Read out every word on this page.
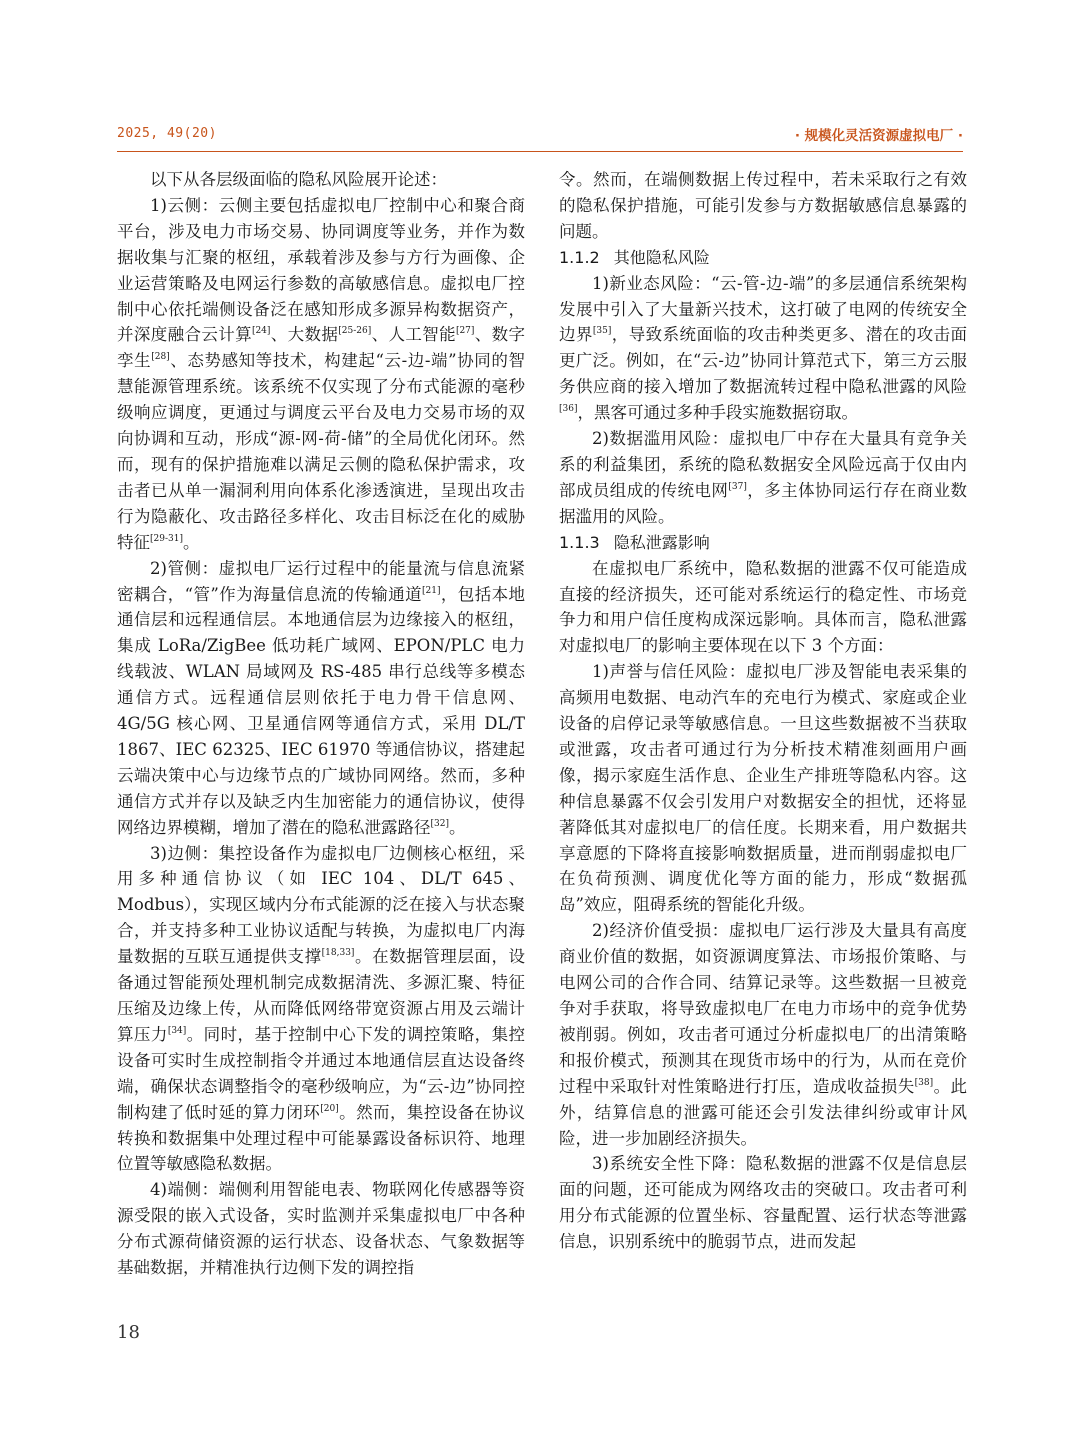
2025, 49(20)	· 规模化灵活资源虚拟电厂 ·

以下从各层级面临的隐私风险展开论述：

1)云侧：云侧主要包括虚拟电厂控制中心和聚合商平台，涉及电力市场交易、协同调度等业务，并作为数据收集与汇聚的枢纽，承载着涉及参与方行为画像、企业运营策略及电网运行参数的高敏感信息。虚拟电厂控制中心依托端侧设备泛在感知形成多源异构数据资产，并深度融合云计算[24]、大数据[25-26]、人工智能[27]、数字孪生[28]、态势感知等技术，构建起“云-边-端”协同的智慧能源管理系统。该系统不仅实现了分布式能源的毫秒级响应调度，更通过与调度云平台及电力交易市场的双向协调和互动，形成“源-网-荷-储”的全局优化闭环。然而，现有的保护措施难以满足云侧的隐私保护需求，攻击者已从单一漏洞利用向体系化渗透演进，呈现出攻击行为隐蔽化、攻击路径多样化、攻击目标泛在化的威胁特征[29-31]。

2)管侧：虚拟电厂运行过程中的能量流与信息流紧密耦合，“管”作为海量信息流的传输通道[21]，包括本地通信层和远程通信层。本地通信层为边缘接入的枢纽，集成 LoRa/ZigBee 低功耗广域网、EPON/PLC 电力线载波、WLAN 局域网及 RS-485 串行总线等多模态通信方式。远程通信层则依托于电力骨干信息网、4G/5G 核心网、卫星通信网等通信方式，采用 DL/T 1867、IEC 62325、IEC 61970 等通信协议，搭建起云端决策中心与边缘节点的广域协同网络。然而，多种通信方式并存以及缺乏内生加密能力的通信协议，使得网络边界模糊，增加了潜在的隐私泄露路径[32]。

3)边侧：集控设备作为虚拟电厂边侧核心枢纽，采用多种通信协议（如 IEC 104、DL/T 645、Modbus），实现区域内分布式能源的泛在接入与状态聚合，并支持多种工业协议适配与转换，为虚拟电厂内海量数据的互联互通提供支撑[18,33]。在数据管理层面，设备通过智能预处理机制完成数据清洗、多源汇聚、特征压缩及边缘上传，从而降低网络带宽资源占用及云端计算压力[34]。同时，基于控制中心下发的调控策略，集控设备可实时生成控制指令并通过本地通信层直达设备终端，确保状态调整指令的毫秒级响应，为“云-边”协同控制构建了低时延的算力闭环[20]。然而，集控设备在协议转换和数据集中处理过程中可能暴露设备标识符、地理位置等敏感隐私数据。

4)端侧：端侧利用智能电表、物联网化传感器等资源受限的嵌入式设备，实时监测并采集虚拟电厂中各种分布式源荷储资源的运行状态、设备状态、气象数据等基础数据，并精准执行边侧下发的调控指

令。然而，在端侧数据上传过程中，若未采取行之有效的隐私保护措施，可能引发参与方数据敏感信息暴露的问题。

1.1.2 其他隐私风险

1)新业态风险：“云-管-边-端”的多层通信系统架构发展中引入了大量新兴技术，这打破了电网的传统安全边界[35]，导致系统面临的攻击种类更多、潜在的攻击面更广泛。例如，在“云-边”协同计算范式下，第三方云服务供应商的接入增加了数据流转过程中隐私泄露的风险[36]，黑客可通过多种手段实施数据窃取。

2)数据滥用风险：虚拟电厂中存在大量具有竞争关系的利益集团，系统的隐私数据安全风险远高于仅由内部成员组成的传统电网[37]，多主体协同运行存在商业数据滥用的风险。

1.1.3 隐私泄露影响

在虚拟电厂系统中，隐私数据的泄露不仅可能造成直接的经济损失，还可能对系统运行的稳定性、市场竞争力和用户信任度构成深远影响。具体而言，隐私泄露对虚拟电厂的影响主要体现在以下 3 个方面：

1)声誉与信任风险：虚拟电厂涉及智能电表采集的高频用电数据、电动汽车的充电行为模式、家庭或企业设备的启停记录等敏感信息。一旦这些数据被不当获取或泄露，攻击者可通过行为分析技术精准刻画用户画像，揭示家庭生活作息、企业生产排班等隐私内容。这种信息暴露不仅会引发用户对数据安全的担忧，还将显著降低其对虚拟电厂的信任度。长期来看，用户数据共享意愿的下降将直接影响数据质量，进而削弱虚拟电厂在负荷预测、调度优化等方面的能力，形成“数据孤岛”效应，阻碍系统的智能化升级。

2)经济价值受损：虚拟电厂运行涉及大量具有高度商业价值的数据，如资源调度算法、市场报价策略、与电网公司的合作合同、结算记录等。这些数据一旦被竞争对手获取，将导致虚拟电厂在电力市场中的竞争优势被削弱。例如，攻击者可通过分析虚拟电厂的出清策略和报价模式，预测其在现货市场中的行为，从而在竞价过程中采取针对性策略进行打压，造成收益损失[38]。此外，结算信息的泄露可能还会引发法律纠纷或审计风险，进一步加剧经济损失。

3)系统安全性下降：隐私数据的泄露不仅是信息层面的问题，还可能成为网络攻击的突破口。攻击者可利用分布式能源的位置坐标、容量配置、运行状态等泄露信息，识别系统中的脆弱节点，进而发起

18
